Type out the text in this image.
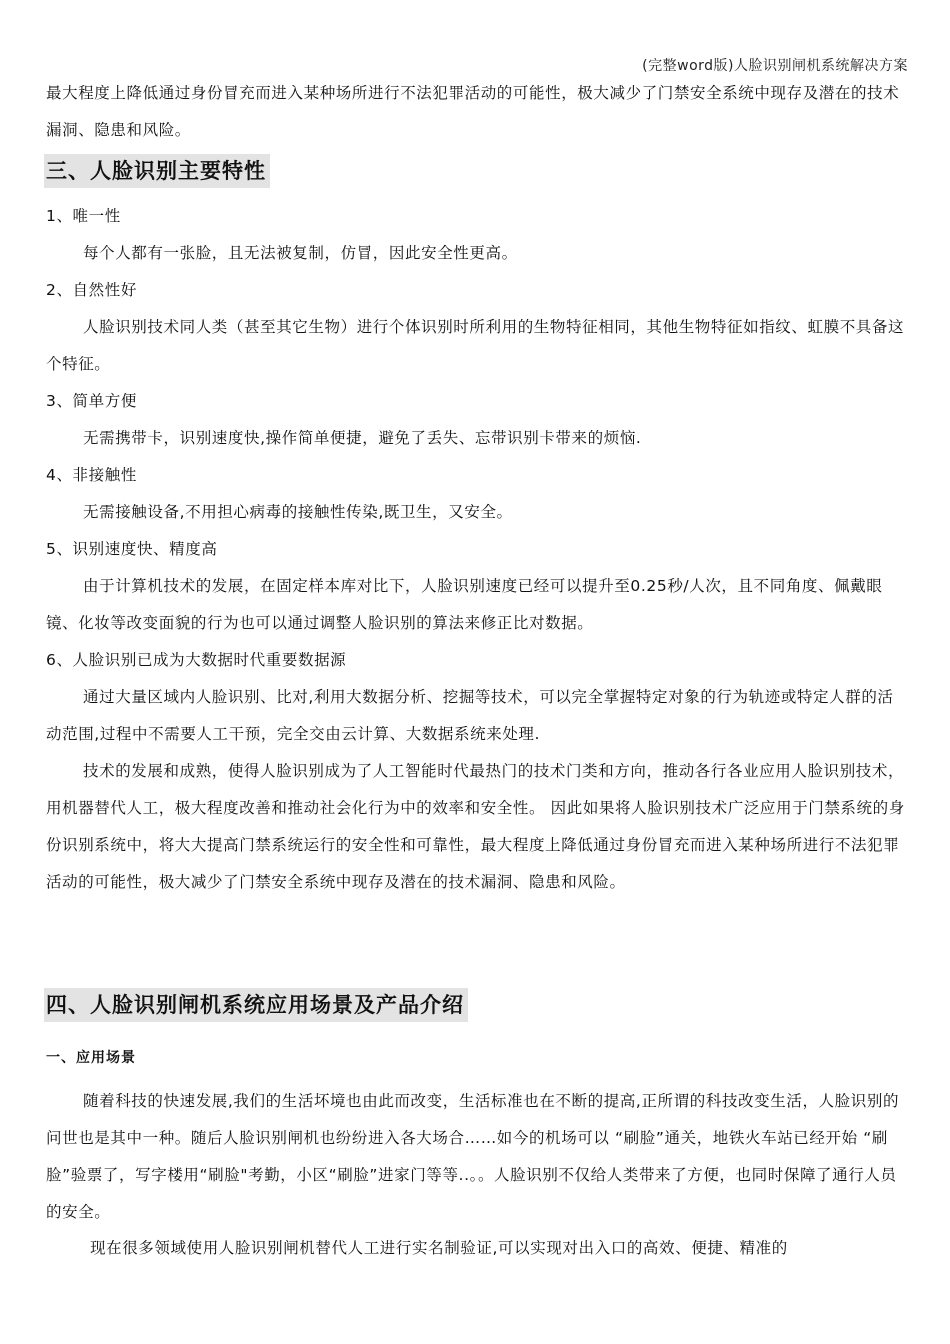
(完整word版)人脸识别闸机系统解决方案

最大程度上降低通过身份冒充而进入某种场所进行不法犯罪活动的可能性，极大减少了门禁安全系统中现存及潜在的技术漏洞、隐患和风险。

三、人脸识别主要特性

1、唯一性

每个人都有一张脸，且无法被复制，仿冒，因此安全性更高。

2、自然性好

人脸识别技术同人类（甚至其它生物）进行个体识别时所利用的生物特征相同，其他生物特征如指纹、虹膜不具备这个特征。

3、简单方便

无需携带卡，识别速度快,操作简单便捷，避免了丢失、忘带识别卡带来的烦恼.

4、非接触性

无需接触设备,不用担心病毒的接触性传染,既卫生，又安全。

5、识别速度快、精度高

由于计算机技术的发展，在固定样本库对比下，人脸识别速度已经可以提升至0.25秒/人次，且不同角度、佩戴眼镜、化妆等改变面貌的行为也可以通过调整人脸识别的算法来修正比对数据。

6、人脸识别已成为大数据时代重要数据源

通过大量区域内人脸识别、比对,利用大数据分析、挖掘等技术，可以完全掌握特定对象的行为轨迹或特定人群的活动范围,过程中不需要人工干预，完全交由云计算、大数据系统来处理.

技术的发展和成熟，使得人脸识别成为了人工智能时代最热门的技术门类和方向，推动各行各业应用人脸识别技术，用机器替代人工，极大程度改善和推动社会化行为中的效率和安全性。 因此如果将人脸识别技术广泛应用于门禁系统的身份识别系统中，将大大提高门禁系统运行的安全性和可靠性，最大程度上降低通过身份冒充而进入某种场所进行不法犯罪活动的可能性，极大减少了门禁安全系统中现存及潜在的技术漏洞、隐患和风险。

四、人脸识别闸机系统应用场景及产品介绍
一、应用场景

随着科技的快速发展,我们的生活坏境也由此而改变，生活标准也在不断的提高,正所谓的科技改变生活，人脸识别的问世也是其中一种。随后人脸识别闸机也纷纷进入各大场合……如今的机场可以 “刷脸”通关，地铁火车站已经开始 “刷脸”验票了，写字楼用“刷脸"考勤，小区“刷脸”进家门等等..。。人脸识别不仅给人类带来了方便，也同时保障了通行人员的安全。

现在很多领域使用人脸识别闸机替代人工进行实名制验证,可以实现对出入口的高效、便捷、精准的
